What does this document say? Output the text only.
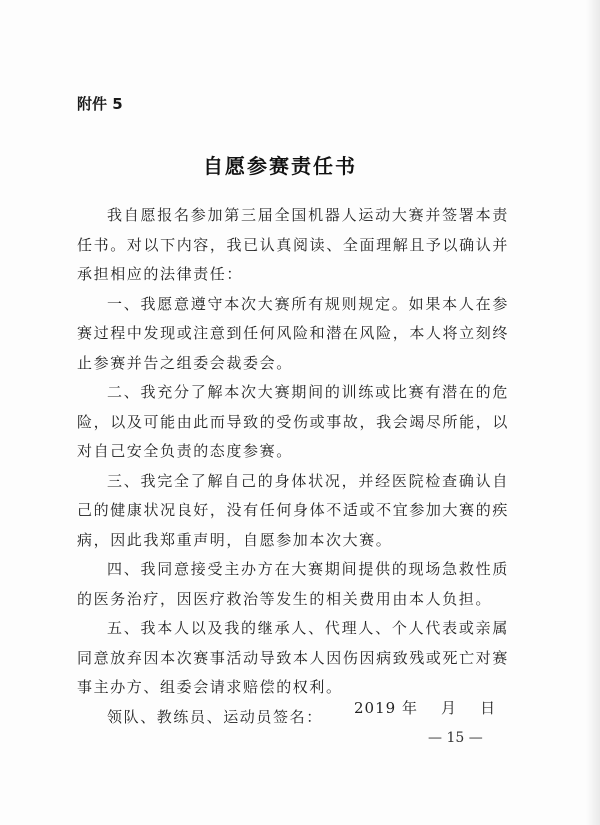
附件 5
自愿参赛责任书

我自愿报名参加第三届全国机器人运动大赛并签署本责任书。对以下内容，我已认真阅读、全面理解且予以确认并承担相应的法律责任：

一、我愿意遵守本次大赛所有规则规定。如果本人在参赛过程中发现或注意到任何风险和潜在风险，本人将立刻终止参赛并告之组委会裁委会。

二、我充分了解本次大赛期间的训练或比赛有潜在的危险，以及可能由此而导致的受伤或事故，我会竭尽所能，以对自己安全负责的态度参赛。

三、我完全了解自己的身体状况，并经医院检查确认自己的健康状况良好，没有任何身体不适或不宜参加大赛的疾病，因此我郑重声明，自愿参加本次大赛。

四、我同意接受主办方在大赛期间提供的现场急救性质的医务治疗，因医疗救治等发生的相关费用由本人负担。

五、我本人以及我的继承人、代理人、个人代表或亲属同意放弃因本次赛事活动导致本人因伤因病致残或死亡对赛事主办方、组委会请求赔偿的权利。

领队、教练员、运动员签名：	2019 年    月    日
— 15 —
